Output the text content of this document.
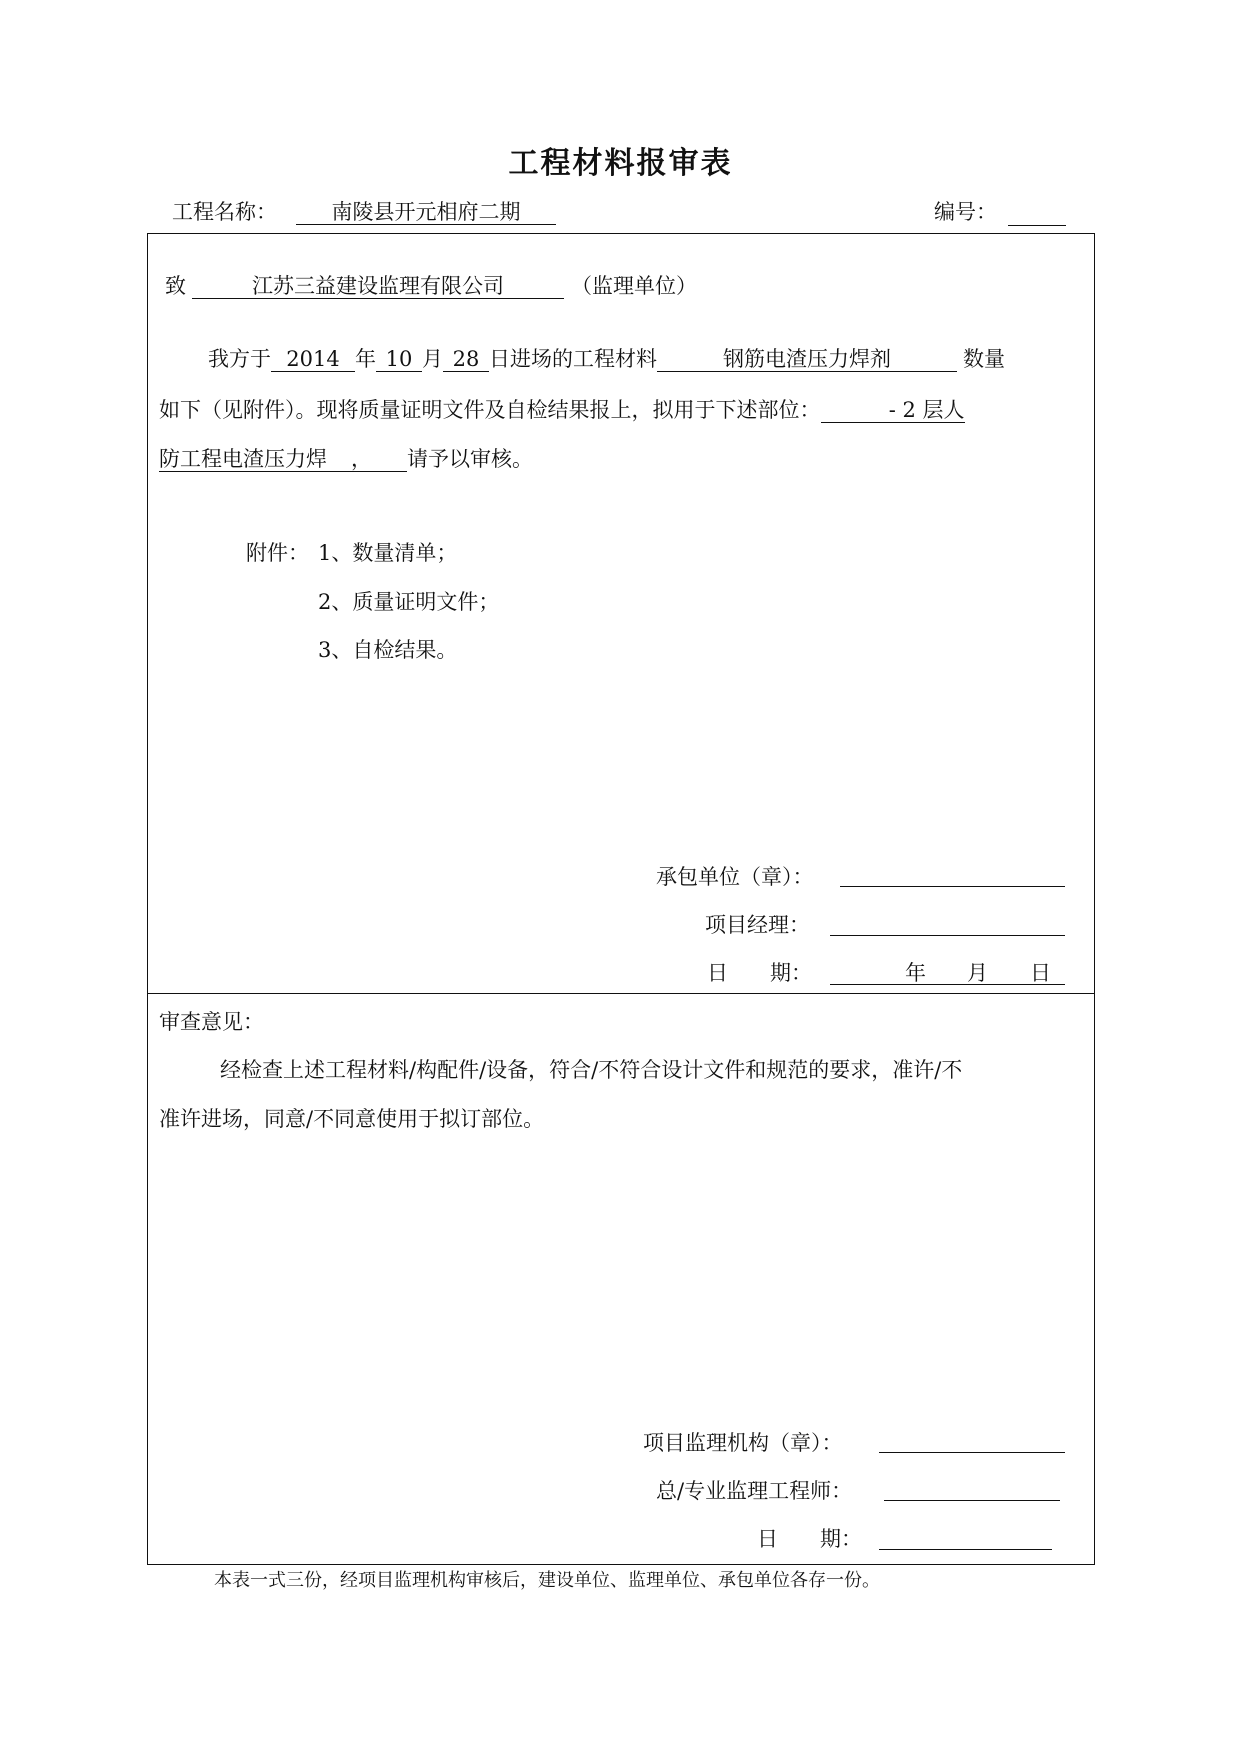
工程材料报审表
工程名称：	南陵县开元相府二期	编号：
致	江苏三益建设监理有限公司	（监理单位）
我方于 2014 年 10 月 28 日进场的工程材料	钢筋电渣压力焊剂	数量
如下（见附件）。现将质量证明文件及自检结果报上，拟用于下述部位：	- 2 层人
防工程电渣压力焊 ， 请予以审核。
附件： 1、数量清单；
2、质量证明文件；
3、自检结果。
承包单位（章）：
项目经理：
日　　期：	年 月 日
审查意见：
经检查上述工程材料/构配件/设备，符合/不符合设计文件和规范的要求，准许/不
准许进场，同意/不同意使用于拟订部位。
项目监理机构（章）：
总/专业监理工程师：
日　　期：
本表一式三份，经项目监理机构审核后，建设单位、监理单位、承包单位各存一份。
